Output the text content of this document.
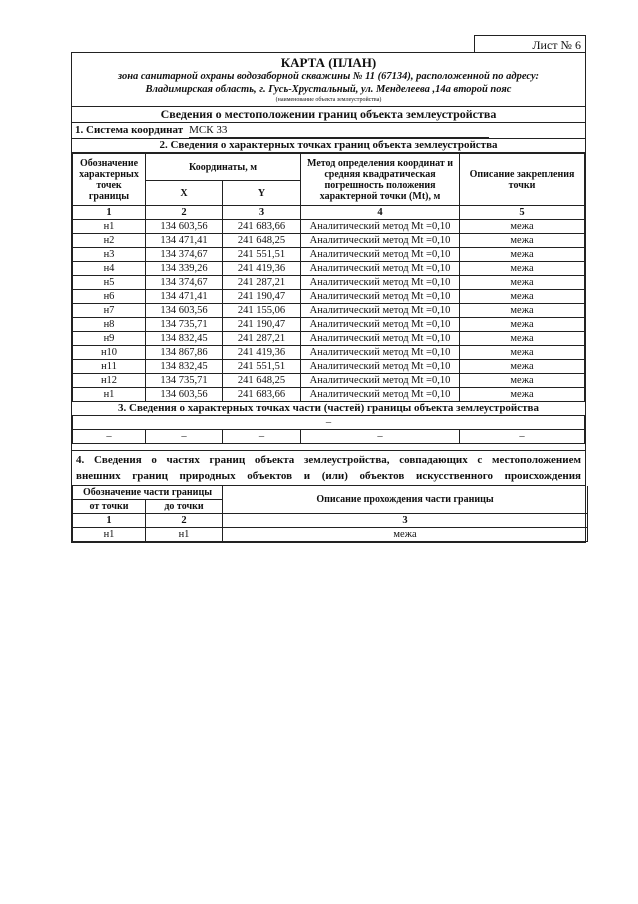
Лист № 6
КАРТА (ПЛАН)
зона санитарной охраны водозаборной скважины № 11 (67134), расположенной по адресу:
Владимирская область, г. Гусь-Хрустальный, ул. Менделеева ,14а второй пояс
(наименование объекта землеустройства)
Сведения о местоположении границ объекта землеустройства
1. Система координат МСК 33
2. Сведения о характерных точках границ объекта землеустройства
Обозначение характерных точек границы	Координаты, м		Метод определения координат и средняя квадратическая погрешность положения характерной точки (Mt), м	Описание закрепления точки
	X	Y		
1	2	3	4	5
н1	134 603,56	241 683,66	Аналитический метод Mt =0,10	межа
н2	134 471,41	241 648,25	Аналитический метод Mt =0,10	межа
н3	134 374,67	241 551,51	Аналитический метод Mt =0,10	межа
н4	134 339,26	241 419,36	Аналитический метод Mt =0,10	межа
н5	134 374,67	241 287,21	Аналитический метод Mt =0,10	межа
н6	134 471,41	241 190,47	Аналитический метод Mt =0,10	межа
н7	134 603,56	241 155,06	Аналитический метод Mt =0,10	межа
н8	134 735,71	241 190,47	Аналитический метод Mt =0,10	межа
н9	134 832,45	241 287,21	Аналитический метод Mt =0,10	межа
н10	134 867,86	241 419,36	Аналитический метод Mt =0,10	межа
н11	134 832,45	241 551,51	Аналитический метод Mt =0,10	межа
н12	134 735,71	241 648,25	Аналитический метод Mt =0,10	межа
н1	134 603,56	241 683,66	Аналитический метод Mt =0,10	межа
3. Сведения о характерных точках части (частей) границы объекта землеустройства
–
–	–	–	–	–
4. Сведения о частях границ объекта землеустройства, совпадающих с местоположением
внешних границ природных объектов и (или) объектов искусственного происхождения
Обозначение части границы		Описание прохождения части границы
от точки	до точки	
1	2	3
н1	н1	межа
